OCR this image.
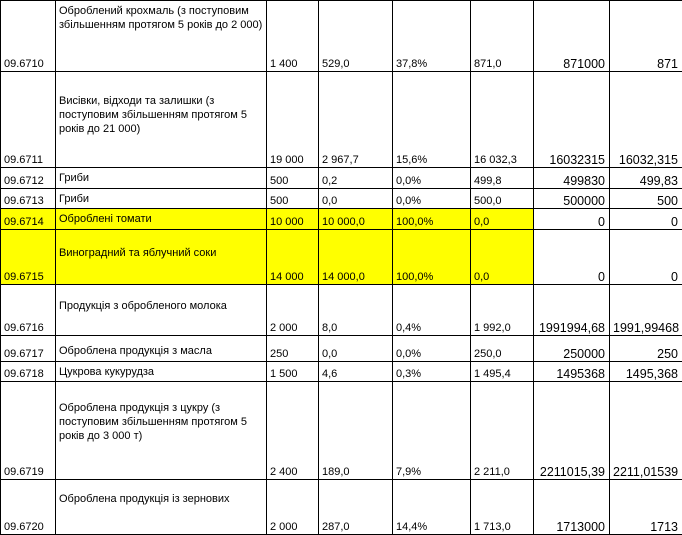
09.6710	Оброблений крохмаль (з поступовим збільшенням протягом 5 років до 2 000)	1 400	529,0	37,8%	871,0	871000	871
09.6711	Висівки, відходи та залишки (з поступовим збільшенням протягом 5 років до 21 000)	19 000	2 967,7	15,6%	16 032,3	16032315	16032,315
09.6712	Гриби	500	0,2	0,0%	499,8	499830	499,83
09.6713	Гриби	500	0,0	0,0%	500,0	500000	500
09.6714	Оброблені томати	10 000	10 000,0	100,0%	0,0	0	0
09.6715	Виноградний та яблучний соки	14 000	14 000,0	100,0%	0,0	0	0
09.6716	Продукція з обробленого молока	2 000	8,0	0,4%	1 992,0	1991994,68	1991,99468
09.6717	Оброблена продукція з масла	250	0,0	0,0%	250,0	250000	250
09.6718	Цукрова кукурудза	1 500	4,6	0,3%	1 495,4	1495368	1495,368
09.6719	Оброблена продукція з цукру (з поступовим збільшенням протягом 5 років до 3 000 т)	2 400	189,0	7,9%	2 211,0	2211015,39	2211,01539
09.6720	Оброблена продукція із зернових	2 000	287,0	14,4%	1 713,0	1713000	1713
